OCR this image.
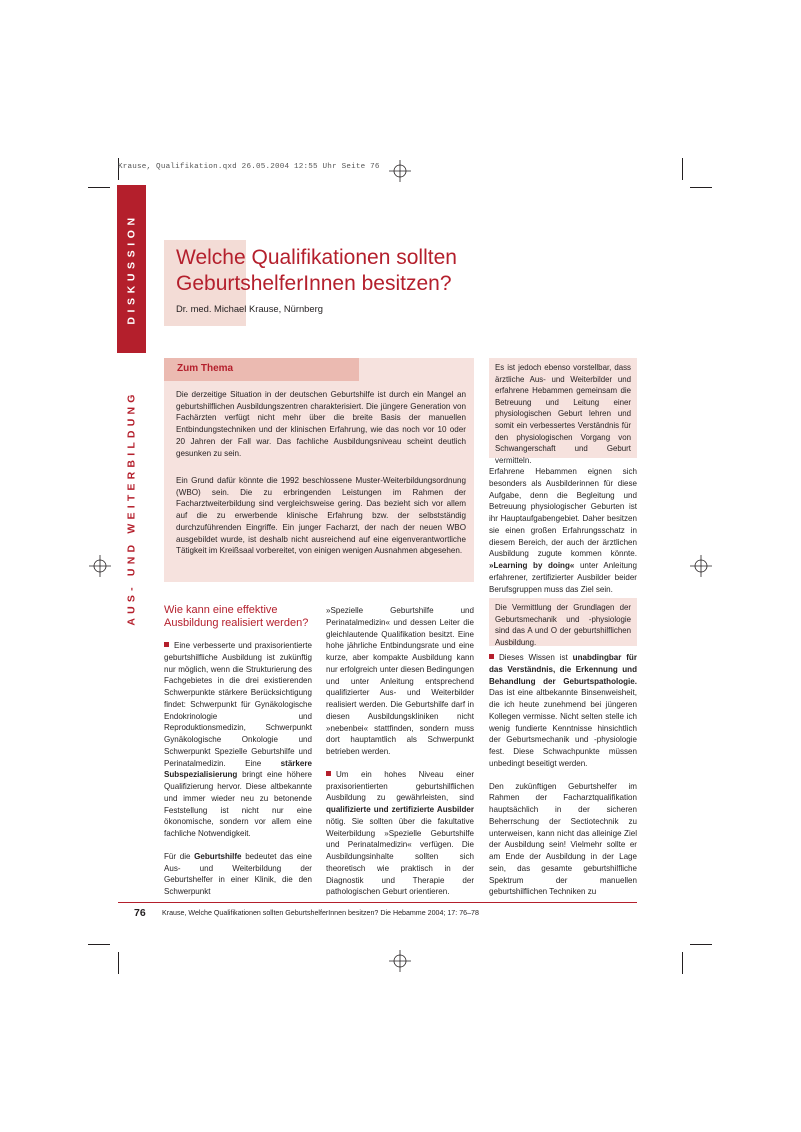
Krause, Qualifikation.qxd 26.05.2004 12:55 Uhr Seite 76
DISKUSSION
AUS- UND WEITERBILDUNG
Welche Qualifikationen sollten
GeburtshelferInnen besitzen?
Dr. med. Michael Krause, Nürnberg
Zum Thema

Die derzeitige Situation in der deutschen Geburtshilfe ist durch ein Mangel an geburtshilflichen Ausbildungszentren charakterisiert. Die jüngere Generation von Fachärzten verfügt nicht mehr über die breite Basis der manuellen Entbindungstechniken und der klinischen Erfahrung, wie das noch vor 10 oder 20 Jahren der Fall war. Das fachliche Ausbildungsniveau scheint deutlich gesunken zu sein.

Ein Grund dafür könnte die 1992 beschlossene Muster-Weiterbildungsordnung (WBO) sein. Die zu erbringenden Leistungen im Rahmen der Facharztweiterbildung sind vergleichsweise gering. Das bezieht sich vor allem auf die zu erwerbende klinische Erfahrung bzw. der selbstständig durchzuführenden Eingriffe. Ein junger Facharzt, der nach der neuen WBO ausgebildet wurde, ist deshalb nicht ausreichend auf eine eigenverantwortliche Tätigkeit im Kreißsaal vorbereitet, von einigen wenigen Ausnahmen abgesehen.

Wie kann eine effektive Ausbildung realisiert werden?

Eine verbesserte und praxisorientierte geburtshilfliche Ausbildung ist zukünftig nur möglich, wenn die Strukturierung des Fachgebietes in die drei existierenden Schwerpunkte stärkere Berücksichtigung findet: Schwerpunkt für Gynäkologische Endokrinologie und Reproduktionsmedizin, Schwerpunkt Gynäkologische Onkologie und Schwerpunkt Spezielle Geburtshilfe und Perinatalmedizin. Eine stärkere Subspezialisierung bringt eine höhere Qualifizierung hervor. Diese altbekannte und immer wieder neu zu betonende Feststellung ist nicht nur eine ökonomische, sondern vor allem eine fachliche Notwendigkeit.

Für die Geburtshilfe bedeutet das eine Aus- und Weiterbildung der Geburtshelfer in einer Klinik, die den Schwerpunkt

»Spezielle Geburtshilfe und Perinatalmedizin« und dessen Leiter die gleichlautende Qualifikation besitzt. Eine hohe jährliche Entbindungsrate und eine kurze, aber kompakte Ausbildung kann nur erfolgreich unter diesen Bedingungen und unter Anleitung entsprechend qualifizierter Aus- und Weiterbilder realisiert werden. Die Geburtshilfe darf in diesen Ausbildungskliniken nicht »nebenbei« stattfinden, sondern muss dort hauptamtlich als Schwerpunkt betrieben werden.

Um ein hohes Niveau einer praxisorientierten geburtshilflichen Ausbildung zu gewährleisten, sind qualifizierte und zertifizierte Ausbilder nötig. Sie sollten über die fakultative Weiterbildung »Spezielle Geburtshilfe und Perinatalmedizin« verfügen. Die Ausbildungsinhalte sollten sich theoretisch wie praktisch in der Diagnostik und Therapie der pathologischen Geburt orientieren.

Es ist jedoch ebenso vorstellbar, dass ärztliche Aus- und Weiterbilder und erfahrene Hebammen gemeinsam die Betreuung und Leitung einer physiologischen Geburt lehren und somit ein verbessertes Verständnis für den physiologischen Vorgang von Schwangerschaft und Geburt vermitteln.

Erfahrene Hebammen eignen sich besonders als Ausbilderinnen für diese Aufgabe, denn die Begleitung und Betreuung physiologischer Geburten ist ihr Hauptaufgabengebiet. Daher besitzen sie einen großen Erfahrungsschatz in diesem Bereich, der auch der ärztlichen Ausbildung zugute kommen könnte. »Learning by doing« unter Anleitung erfahrener, zertifizierter Ausbilder beider Berufsgruppen muss das Ziel sein.

Die Vermittlung der Grundlagen der Geburtsmechanik und -physiologie sind das A und O der geburtshilflichen Ausbildung.

Dieses Wissen ist unabdingbar für das Verständnis, die Erkennung und Behandlung der Geburtspathologie. Das ist eine altbekannte Binsenweisheit, die ich heute zunehmend bei jüngeren Kollegen vermisse. Nicht selten stelle ich wenig fundierte Kenntnisse hinsichtlich der Geburtsmechanik und -physiologie fest. Diese Schwachpunkte müssen unbedingt beseitigt werden.

Den zukünftigen Geburtshelfer im Rahmen der Facharztqualifikation hauptsächlich in der sicheren Beherrschung der Sectiotechnik zu unterweisen, kann nicht das alleinige Ziel der Ausbildung sein! Vielmehr sollte er am Ende der Ausbildung in der Lage sein, das gesamte geburtshilfliche Spektrum der manuellen geburtshilflichen Techniken zu

76 Krause, Welche Qualifikationen sollten GeburtshelferInnen besitzen? Die Hebamme 2004; 17: 76–78
